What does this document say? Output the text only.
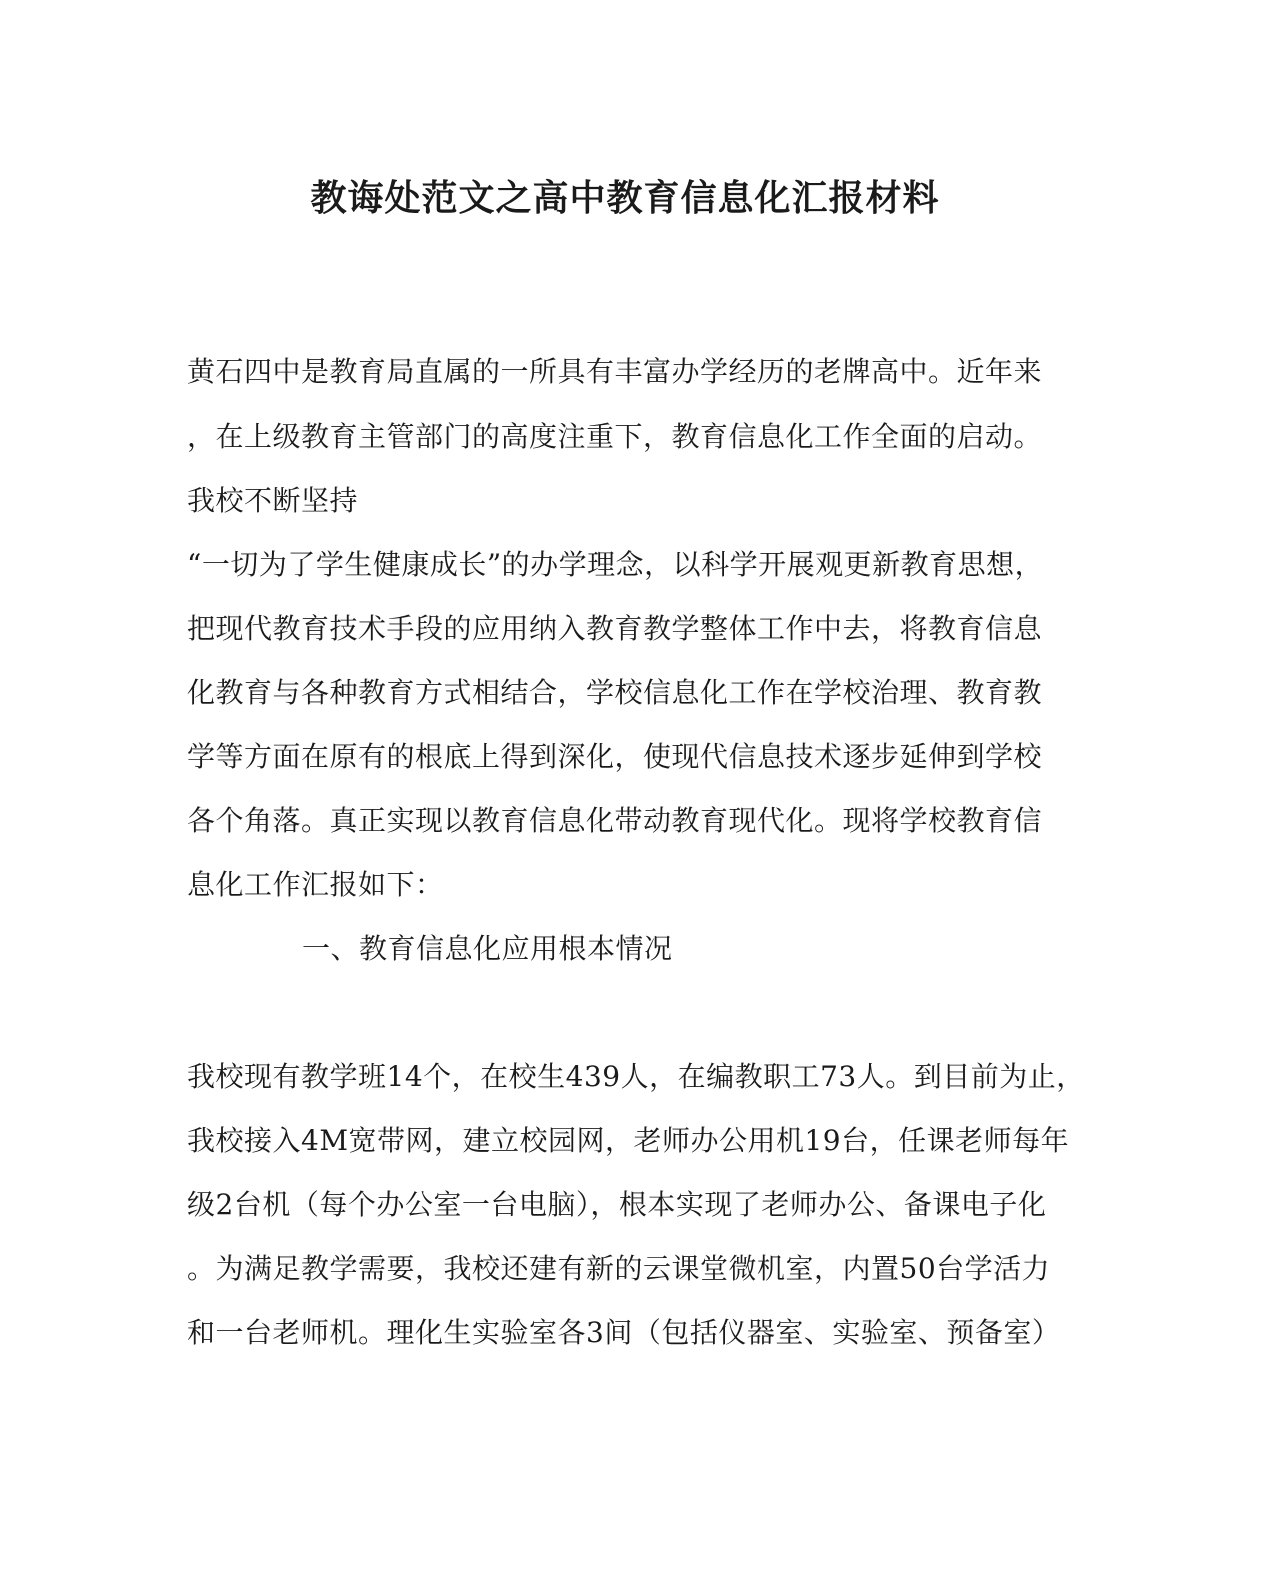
教诲处范文之高中教育信息化汇报材料
黄石四中是教育局直属的一所具有丰富办学经历的老牌高中。近年来
，在上级教育主管部门的高度注重下，教育信息化工作全面的启动。
我校不断坚持
“一切为了学生健康成长”的办学理念，以科学开展观更新教育思想，
把现代教育技术手段的应用纳入教育教学整体工作中去，将教育信息
化教育与各种教育方式相结合，学校信息化工作在学校治理、教育教
学等方面在原有的根底上得到深化，使现代信息技术逐步延伸到学校
各个角落。真正实现以教育信息化带动教育现代化。现将学校教育信
息化工作汇报如下：
一、教育信息化应用根本情况
我校现有教学班14个，在校生439人，在编教职工73人。到目前为止，
我校接入4M宽带网，建立校园网，老师办公用机19台，任课老师每年
级2台机（每个办公室一台电脑），根本实现了老师办公、备课电子化
。为满足教学需要，我校还建有新的云课堂微机室，内置50台学活力
和一台老师机。理化生实验室各3间（包括仪器室、实验室、预备室）
